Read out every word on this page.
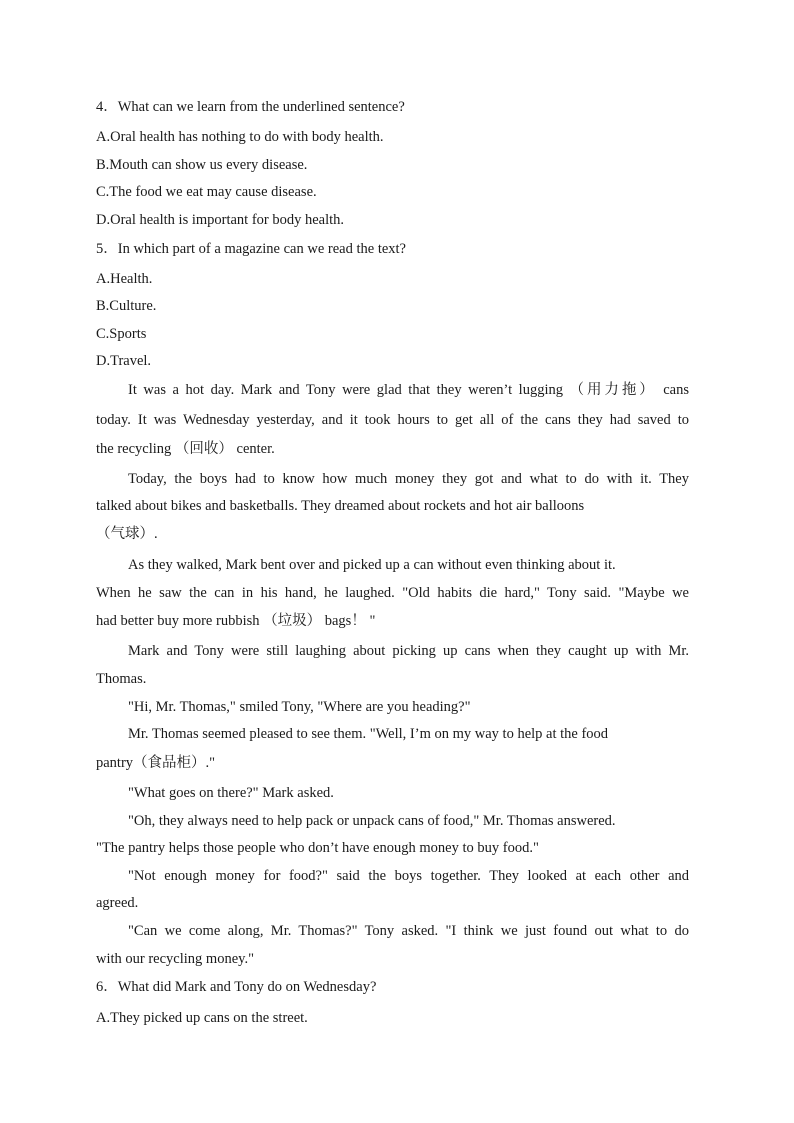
4．What can we learn from the underlined sentence?
A.Oral health has nothing to do with body health.
B.Mouth can show us every disease.
C.The food we eat may cause disease.
D.Oral health is important for body health.
5．In which part of a magazine can we read the text?
A.Health.
B.Culture.
C.Sports
D.Travel.
It was a hot day. Mark and Tony were glad that they weren’t lugging （用力拖） cans
today. It was Wednesday yesterday, and it took hours to get all of the cans they had saved to
the recycling （回收） center.
Today, the boys had to know how much money they got and what to do with it. They
talked about bikes and basketballs. They dreamed about rockets and hot air balloons
（气球）.
As they walked, Mark bent over and picked up a can without even thinking about it.
When he saw the can in his hand, he laughed. "Old habits die hard," Tony said. "Maybe we
had better buy more rubbish （垃圾） bags！ "
Mark and Tony were still laughing about picking up cans when they caught up with Mr.
Thomas.
"Hi, Mr. Thomas," smiled Tony, "Where are you heading?"
Mr. Thomas seemed pleased to see them. "Well, I’m on my way to help at the food
pantry（食品柜）."
"What goes on there?" Mark asked.
"Oh, they always need to help pack or unpack cans of food," Mr. Thomas answered.
"The pantry helps those people who don’t have enough money to buy food."
"Not enough money for food?" said the boys together. They looked at each other and
agreed.
"Can we come along, Mr. Thomas?" Tony asked. "I think we just found out what to do
with our recycling money."
6．What did Mark and Tony do on Wednesday?
A.They picked up cans on the street.
